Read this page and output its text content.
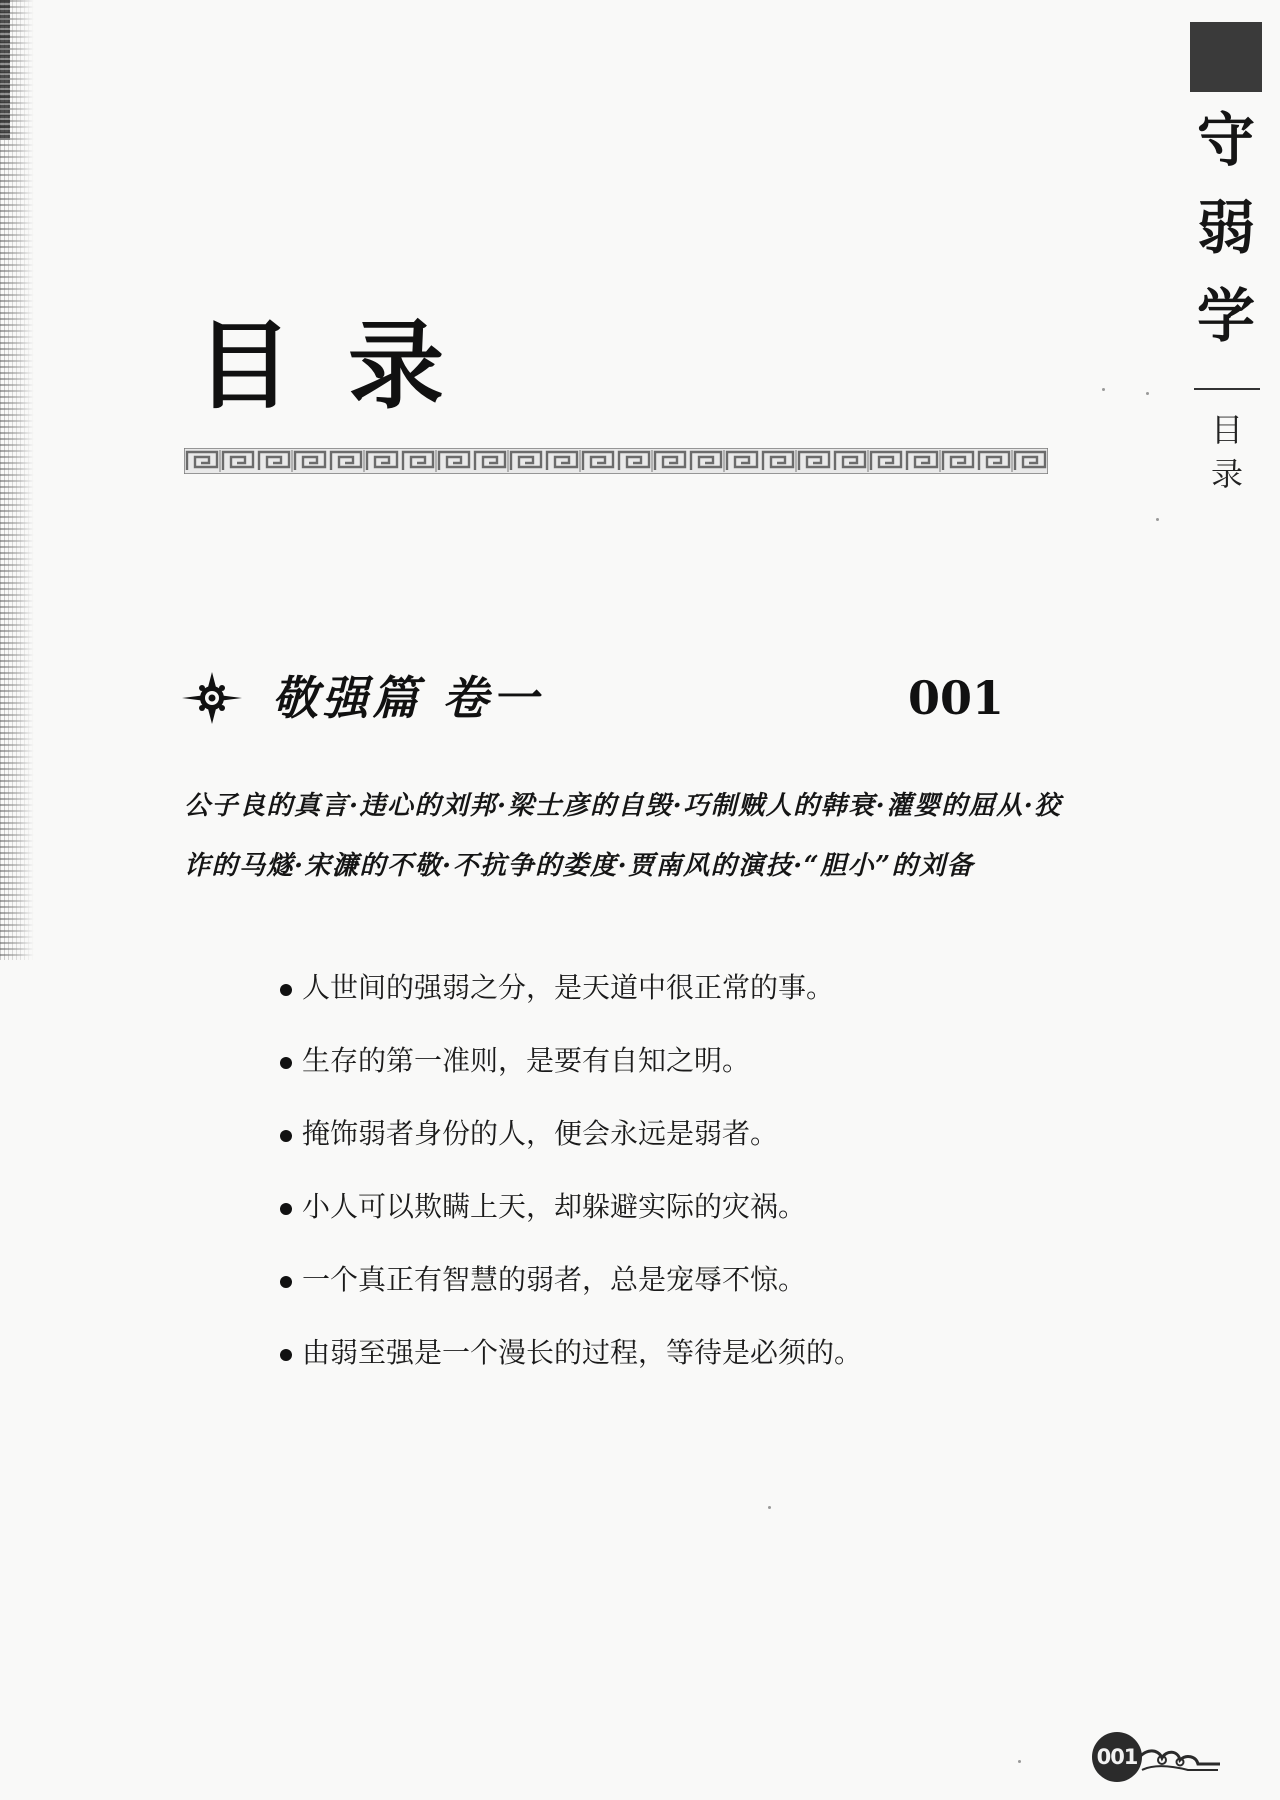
守
弱
学
目
录
目录
敬强篇 卷一	001

公子良的真言·违心的刘邦·梁士彦的自毁·巧制贼人的韩衰·灌婴的屈从·狡诈的马燧·宋濂的不敬·不抗争的娄度·贾南风的演技·“胆小”的刘备

人世间的强弱之分，是天道中很正常的事。
生存的第一准则，是要有自知之明。
掩饰弱者身份的人，便会永远是弱者。
小人可以欺瞒上天，却躲避实际的灾祸。
一个真正有智慧的弱者，总是宠辱不惊。
由弱至强是一个漫长的过程，等待是必须的。
001
